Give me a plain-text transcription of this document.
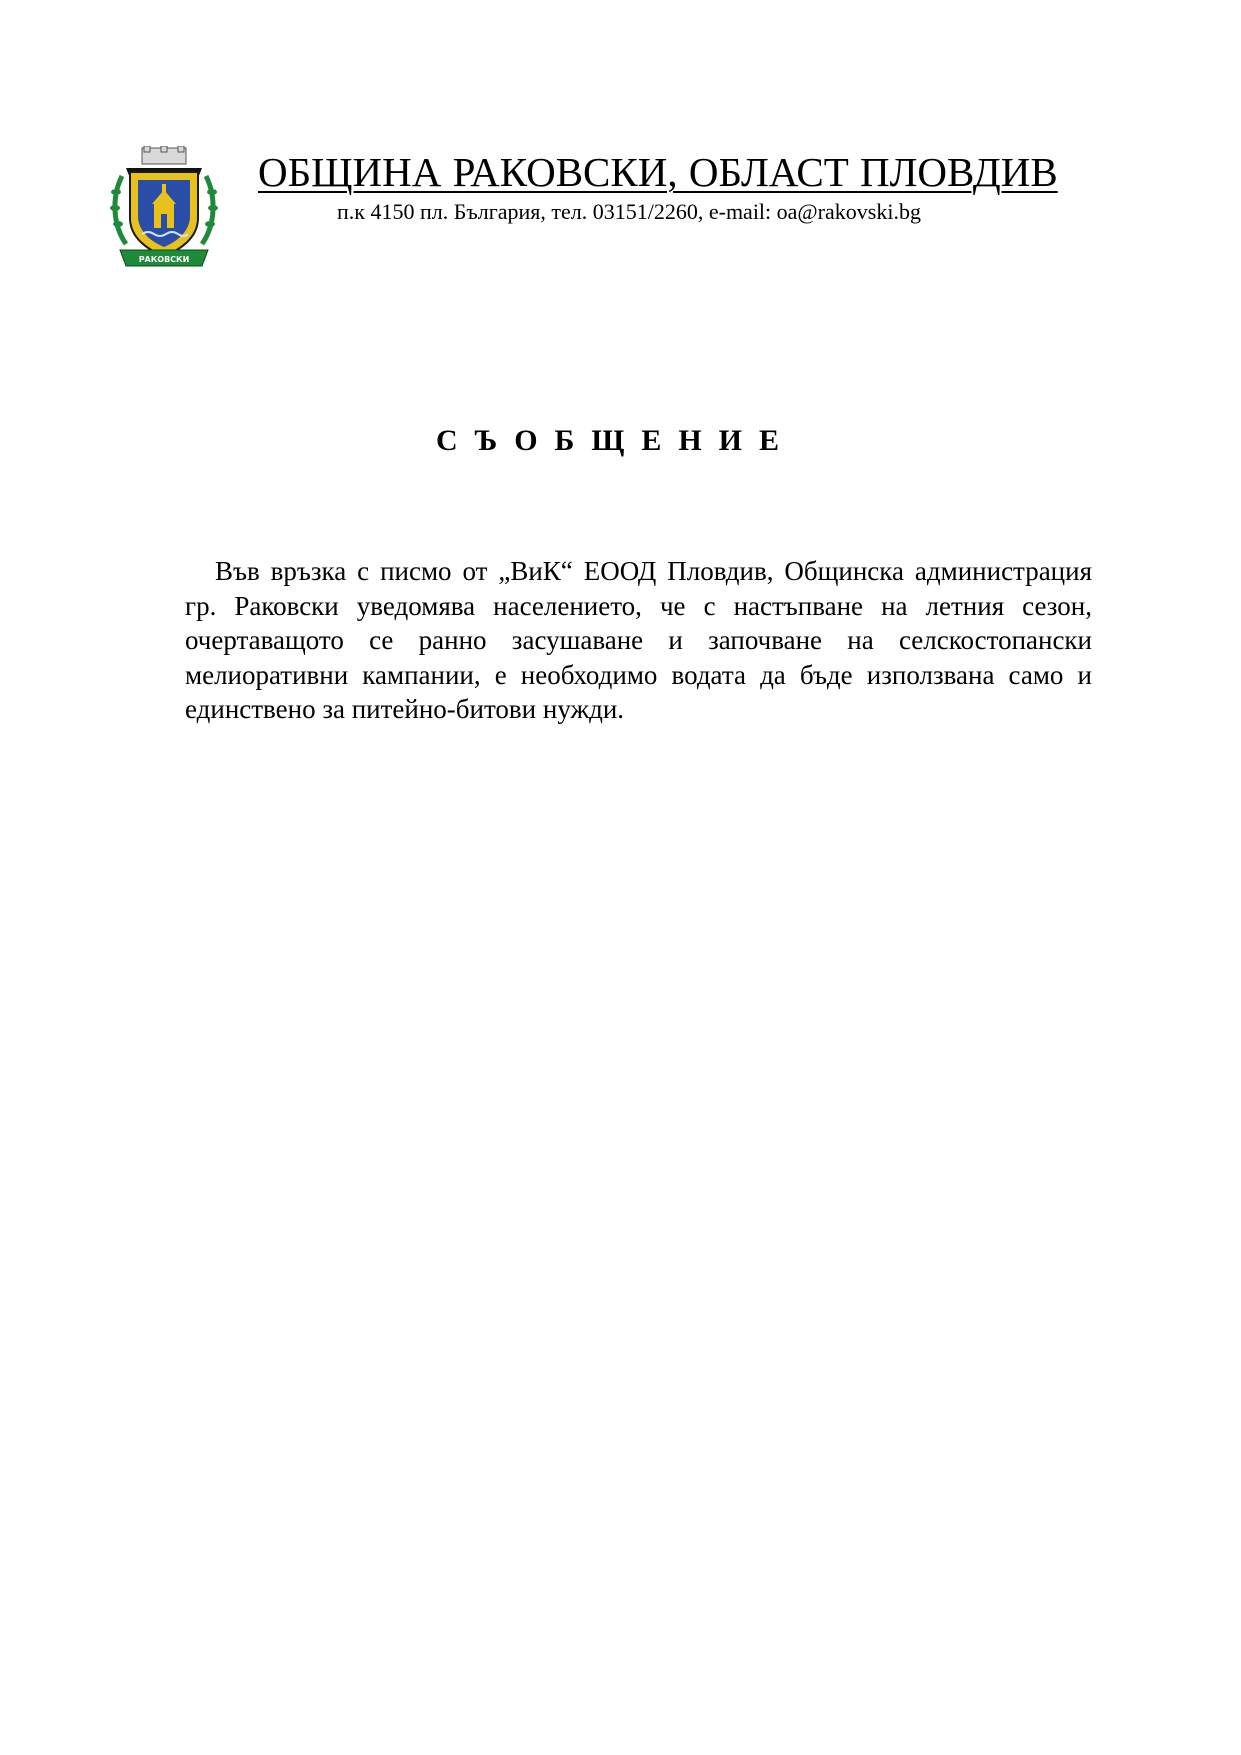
РАКОВСКИ
ОБЩИНА РАКОВСКИ, ОБЛАСТ ПЛОВДИВ
п.к 4150 пл. България, тел. 03151/2260, e-mail: oa@rakovski.bg
СЪОБЩЕНИЕ

Във връзка с писмо от „ВиК“ ЕООД Пловдив, Общинска администрация гр. Раковски уведомява населението, че с настъпване на летния сезон, очертаващото се ранно засушаване и започване на селскостопански мелиоративни кампании, е необходимо водата да бъде използвана само и единствено за питейно-битови нужди.
